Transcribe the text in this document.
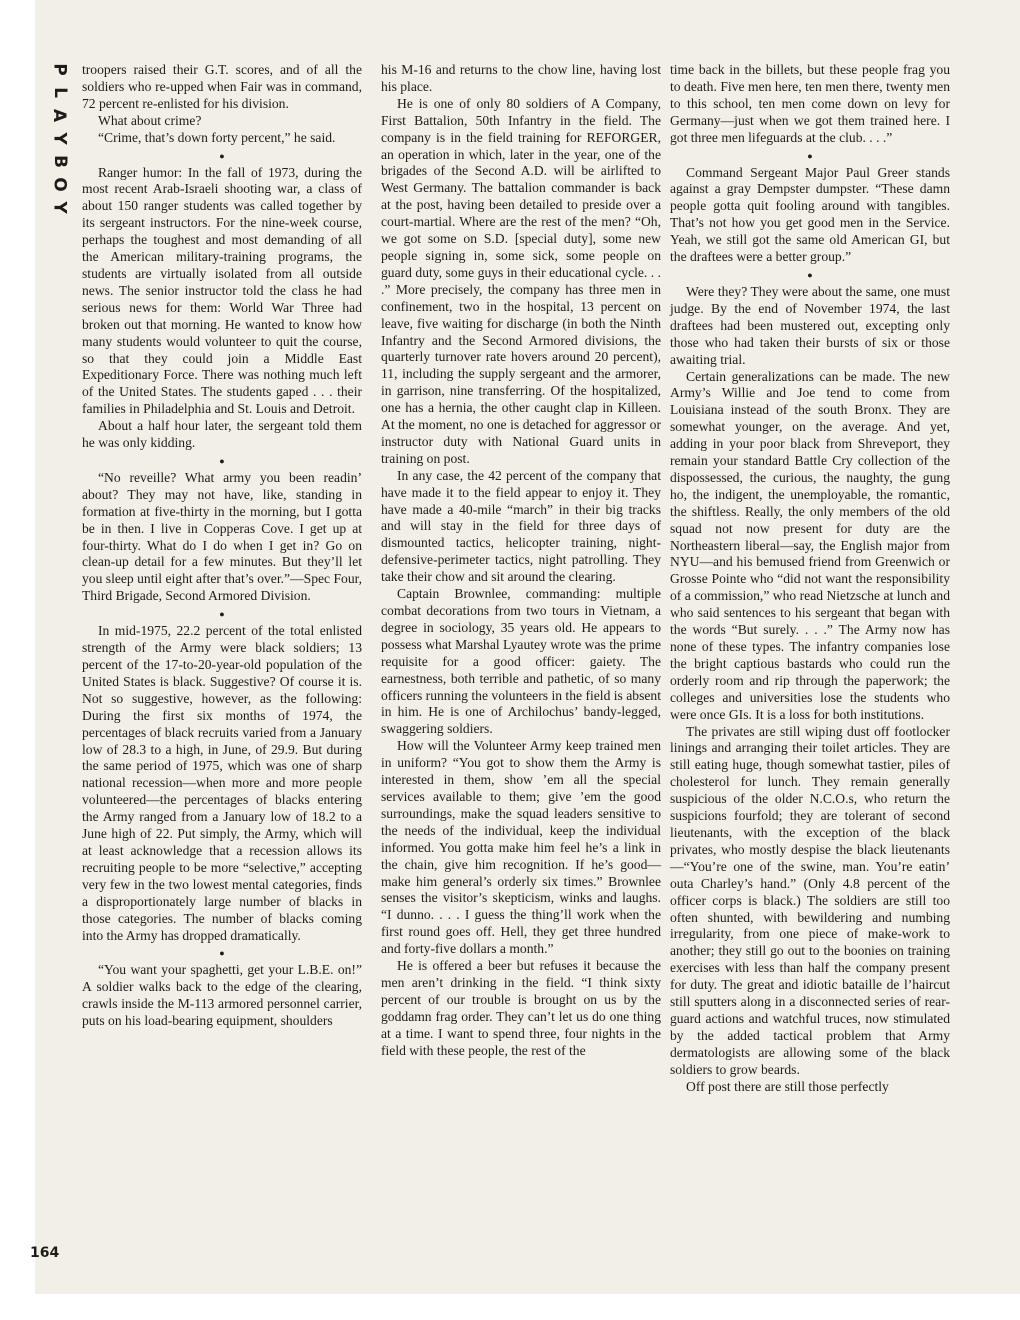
P
L
A
Y
B
O
Y
164

troopers raised their G.T. scores, and of all the soldiers who re-upped when Fair was in command, 72 percent re-enlisted for his division.

What about crime?

“Crime, that’s down forty percent,” he said.

●

Ranger humor: In the fall of 1973, during the most recent Arab-Israeli shooting war, a class of about 150 ranger students was called together by its sergeant instructors. For the nine-week course, perhaps the toughest and most demanding of all the American military-training programs, the students are virtually isolated from all outside news. The senior instructor told the class he had serious news for them: World War Three had broken out that morning. He wanted to know how many students would volunteer to quit the course, so that they could join a Middle East Expeditionary Force. There was nothing much left of the United States. The students gaped . . . their families in Philadelphia and St. Louis and Detroit.

About a half hour later, the sergeant told them he was only kidding.

●

“No reveille? What army you been readin’ about? They may not have, like, standing in formation at five-thirty in the morning, but I gotta be in then. I live in Copperas Cove. I get up at four-thirty. What do I do when I get in? Go on clean-up detail for a few minutes. But they’ll let you sleep until eight after that’s over.”—Spec Four, Third Brigade, Second Armored Division.

●

In mid-1975, 22.2 percent of the total enlisted strength of the Army were black soldiers; 13 percent of the 17-to-20-year-old population of the United States is black. Suggestive? Of course it is. Not so suggestive, however, as the following: During the first six months of 1974, the percentages of black recruits varied from a January low of 28.3 to a high, in June, of 29.9. But during the same period of 1975, which was one of sharp national recession—when more and more people volunteered—the percentages of blacks entering the Army ranged from a January low of 18.2 to a June high of 22. Put simply, the Army, which will at least acknowledge that a recession allows its recruiting people to be more “selective,” accepting very few in the two lowest mental categories, finds a disproportionately large number of blacks in those categories. The number of blacks coming into the Army has dropped dramatically.

●

“You want your spaghetti, get your L.B.E. on!” A soldier walks back to the edge of the clearing, crawls inside the M-113 armored personnel carrier, puts on his load-bearing equipment, shoulders

his M-16 and returns to the chow line, having lost his place.

He is one of only 80 soldiers of A Company, First Battalion, 50th Infantry in the field. The company is in the field training for REFORGER, an operation in which, later in the year, one of the brigades of the Second A.D. will be airlifted to West Germany. The battalion commander is back at the post, having been detailed to preside over a court-martial. Where are the rest of the men? “Oh, we got some on S.D. [special duty], some new people signing in, some sick, some people on guard duty, some guys in their educational cycle. . . .” More precisely, the company has three men in confinement, two in the hospital, 13 percent on leave, five waiting for discharge (in both the Ninth Infantry and the Second Armored divisions, the quarterly turnover rate hovers around 20 percent), 11, including the supply sergeant and the armorer, in garrison, nine transferring. Of the hospitalized, one has a hernia, the other caught clap in Killeen. At the moment, no one is detached for aggressor or instructor duty with National Guard units in training on post.

In any case, the 42 percent of the company that have made it to the field appear to enjoy it. They have made a 40-mile “march” in their big tracks and will stay in the field for three days of dismounted tactics, helicopter training, night-defensive-perimeter tactics, night patrolling. They take their chow and sit around the clearing.

Captain Brownlee, commanding: multiple combat decorations from two tours in Vietnam, a degree in sociology, 35 years old. He appears to possess what Marshal Lyautey wrote was the prime requisite for a good officer: gaiety. The earnestness, both terrible and pathetic, of so many officers running the volunteers in the field is absent in him. He is one of Archilochus’ bandy-legged, swaggering soldiers.

How will the Volunteer Army keep trained men in uniform? “You got to show them the Army is interested in them, show ’em all the special services available to them; give ’em the good surroundings, make the squad leaders sensitive to the needs of the individual, keep the individual informed. You gotta make him feel he’s a link in the chain, give him recognition. If he’s good—make him general’s orderly six times.” Brownlee senses the visitor’s skepticism, winks and laughs. “I dunno. . . . I guess the thing’ll work when the first round goes off. Hell, they get three hundred and forty-five dollars a month.”

He is offered a beer but refuses it because the men aren’t drinking in the field. “I think sixty percent of our trouble is brought on us by the goddamn frag order. They can’t let us do one thing at a time. I want to spend three, four nights in the field with these people, the rest of the

time back in the billets, but these people frag you to death. Five men here, ten men there, twenty men to this school, ten men come down on levy for Germany—just when we got them trained here. I got three men lifeguards at the club. . . .”

●

Command Sergeant Major Paul Greer stands against a gray Dempster dumpster. “These damn people gotta quit fooling around with tangibles. That’s not how you get good men in the Service. Yeah, we still got the same old American GI, but the draftees were a better group.”

●

Were they? They were about the same, one must judge. By the end of November 1974, the last draftees had been mustered out, excepting only those who had taken their bursts of six or those awaiting trial.

Certain generalizations can be made. The new Army’s Willie and Joe tend to come from Louisiana instead of the south Bronx. They are somewhat younger, on the average. And yet, adding in your poor black from Shreveport, they remain your standard Battle Cry collection of the dispossessed, the curious, the naughty, the gung ho, the indigent, the unemployable, the romantic, the shiftless. Really, the only members of the old squad not now present for duty are the Northeastern liberal—say, the English major from NYU—and his bemused friend from Greenwich or Grosse Pointe who “did not want the responsibility of a commission,” who read Nietzsche at lunch and who said sentences to his sergeant that began with the words “But surely. . . .” The Army now has none of these types. The infantry companies lose the bright captious bastards who could run the orderly room and rip through the paperwork; the colleges and universities lose the students who were once GIs. It is a loss for both institutions.

The privates are still wiping dust off footlocker linings and arranging their toilet articles. They are still eating huge, though somewhat tastier, piles of cholesterol for lunch. They remain generally suspicious of the older N.C.O.s, who return the suspicions fourfold; they are tolerant of second lieutenants, with the exception of the black privates, who mostly despise the black lieutenants—“You’re one of the swine, man. You’re eatin’ outa Charley’s hand.” (Only 4.8 percent of the officer corps is black.) The soldiers are still too often shunted, with bewildering and numbing irregularity, from one piece of make-work to another; they still go out to the boonies on training exercises with less than half the company present for duty. The great and idiotic bataille de l’haircut still sputters along in a disconnected series of rear-guard actions and watchful truces, now stimulated by the added tactical problem that Army dermatologists are allowing some of the black soldiers to grow beards.

Off post there are still those perfectly
